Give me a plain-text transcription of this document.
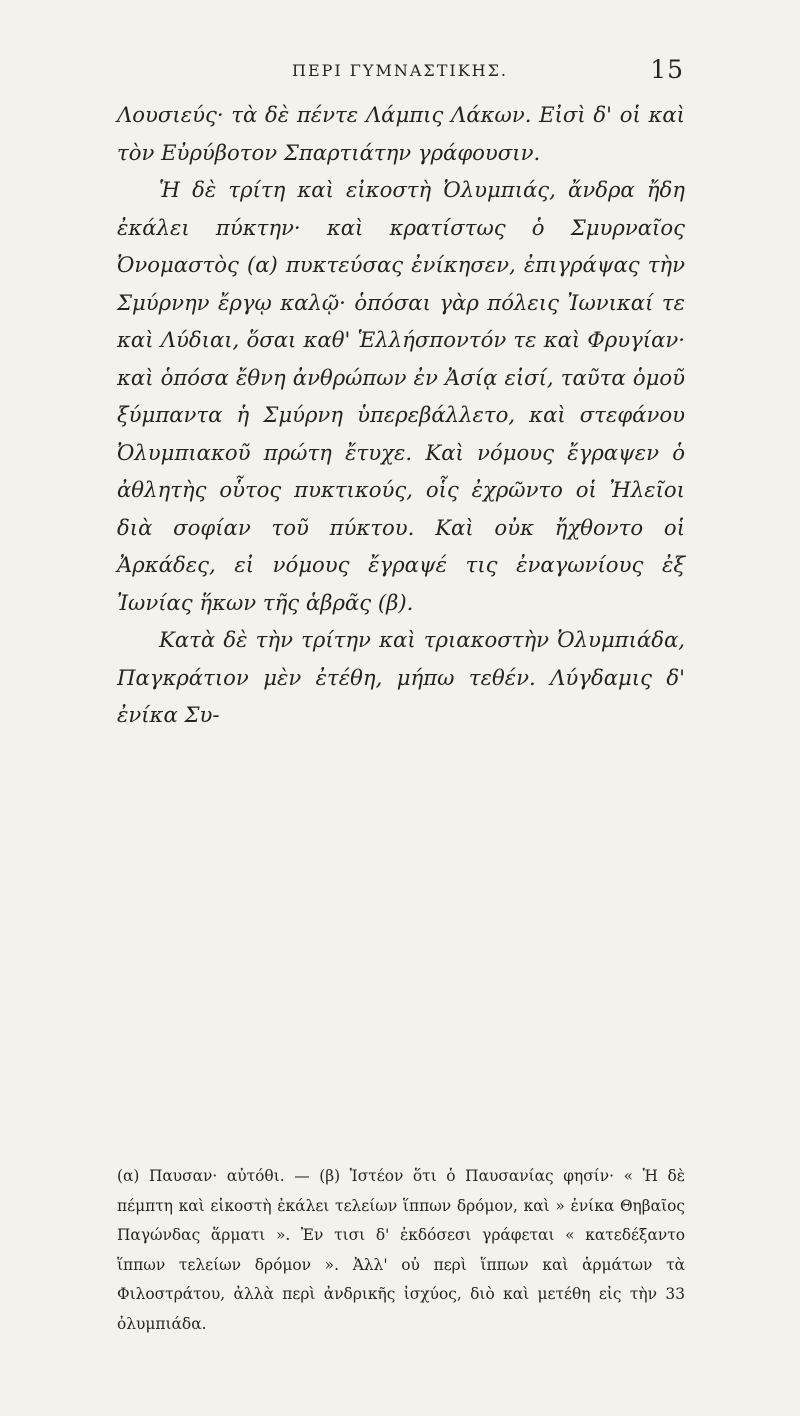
ΠΕΡΙ ΓΥΜΝΑΣΤΙΚΗΣ.	15

Λουσιεύς· τὰ δὲ πέντε Λάμπις Λάκων. Εἰσὶ δ' οἱ καὶ τὸν Εὐρύβοτον Σπαρτιάτην γράφουσιν.

Ἡ δὲ τρίτη καὶ εἰκοστὴ Ὀλυμπιάς, ἄνδρα ἤδη ἐκάλει πύκτην· καὶ κρατίστως ὁ Σμυρναῖος Ὀνομαστὸς (α) πυκτεύσας ἐνίκησεν, ἐπιγράψας τὴν Σμύρνην ἔργῳ καλῷ· ὁπόσαι γὰρ πόλεις Ἰωνικαί τε καὶ Λύδιαι, ὅσαι καθ' Ἑλλήσποντόν τε καὶ Φρυγίαν· καὶ ὁπόσα ἔθνη ἀνθρώπων ἐν Ἀσίᾳ εἰσί, ταῦτα ὁμοῦ ξύμπαντα ἡ Σμύρνη ὑπερεβάλλετο, καὶ στεφάνου Ὀλυμπιακοῦ πρώτη ἔτυχε. Καὶ νόμους ἔγραψεν ὁ ἀθλητὴς οὗτος πυκτικούς, οἷς ἐχρῶντο οἱ Ἠλεῖοι διὰ σοφίαν τοῦ πύκτου. Καὶ οὐκ ἤχθοντο οἱ Ἀρκάδες, εἰ νόμους ἔγραψέ τις ἐναγωνίους ἐξ Ἰωνίας ἥκων τῆς ἁβρᾶς (β).

Κατὰ δὲ τὴν τρίτην καὶ τριακοστὴν Ὀλυμπιάδα, Παγκράτιον μὲν ἐτέθη, μήπω τεθέν. Λύγδαμις δ' ἐνίκα Συ-

(α) Παυσαν· αὐτόθι. — (β) Ἰστέον ὅτι ὁ Παυσανίας φησίν· « Ἡ δὲ πέμπτη καὶ εἰκοστὴ ἐκάλει τελείων ἵππων δρόμον, καὶ » ἐνίκα Θηβαῖος Παγώνδας ἅρματι ». Ἐν τισι δ' ἐκδόσεσι γράφεται « κατεδέξαντο ἵππων τελείων δρόμον ». Ἀλλ' οὐ περὶ ἵππων καὶ ἁρμάτων τὰ Φιλοστράτου, ἀλλὰ περὶ ἀνδρικῆς ἰσχύος, διὸ καὶ μετέθη εἰς τὴν 33 ὀλυμπιάδα.
